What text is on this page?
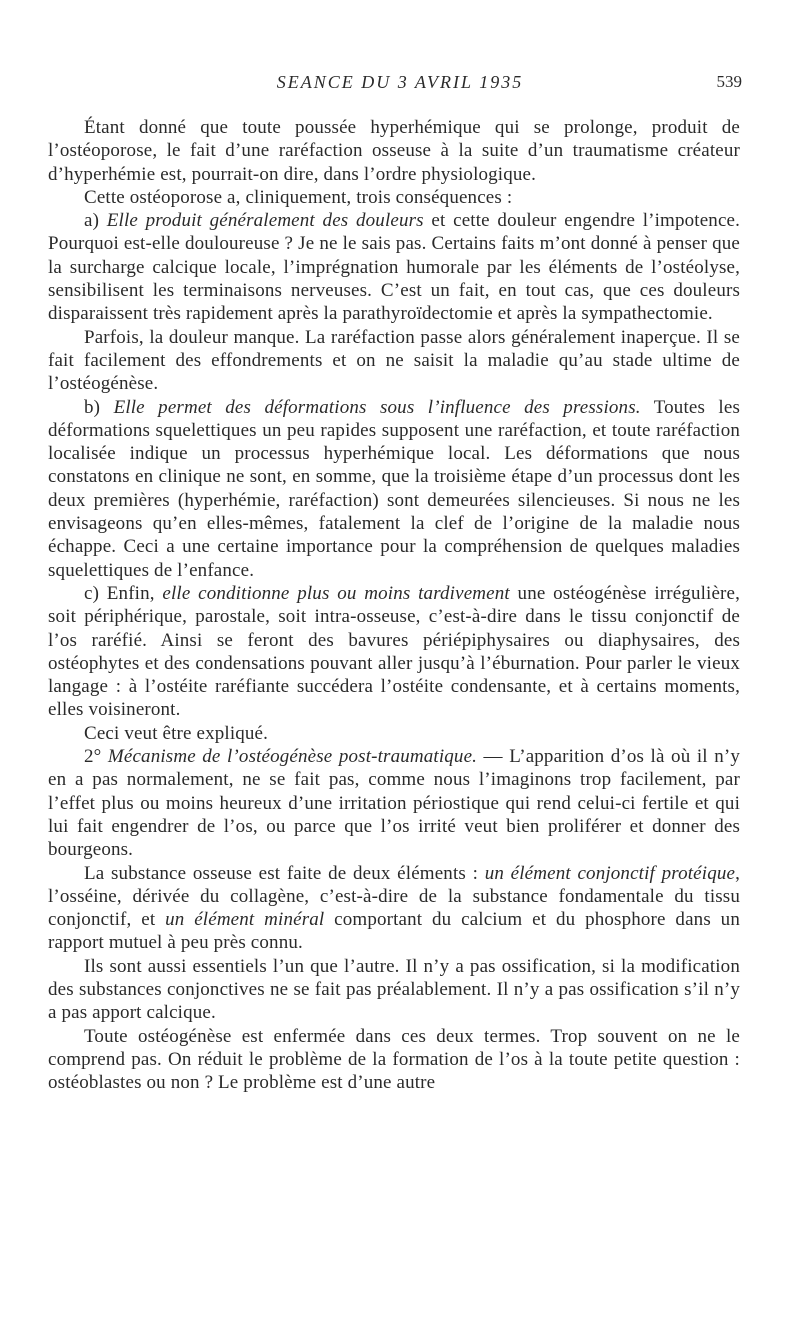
SEANCE DU 3 AVRIL 1935	539

Étant donné que toute poussée hyperhémique qui se prolonge, produit de l’ostéoporose, le fait d’une raréfaction osseuse à la suite d’un traumatisme créateur d’hyperhémie est, pourrait-on dire, dans l’ordre physiologique.

Cette ostéoporose a, cliniquement, trois conséquences :

a) Elle produit généralement des douleurs et cette douleur engendre l’impotence. Pourquoi est-elle douloureuse ? Je ne le sais pas. Certains faits m’ont donné à penser que la surcharge calcique locale, l’imprégnation humorale par les éléments de l’ostéolyse, sensibilisent les terminaisons nerveuses. C’est un fait, en tout cas, que ces douleurs disparaissent très rapidement après la parathyroïdectomie et après la sympathectomie.

Parfois, la douleur manque. La raréfaction passe alors généralement inaperçue. Il se fait facilement des effondrements et on ne saisit la maladie qu’au stade ultime de l’ostéogénèse.

b) Elle permet des déformations sous l’influence des pressions. Toutes les déformations squelettiques un peu rapides supposent une raréfaction, et toute raréfaction localisée indique un processus hyperhémique local. Les déformations que nous constatons en clinique ne sont, en somme, que la troisième étape d’un processus dont les deux premières (hyperhémie, raréfaction) sont demeurées silencieuses. Si nous ne les envisageons qu’en elles-mêmes, fatalement la clef de l’origine de la maladie nous échappe. Ceci a une certaine importance pour la compréhension de quelques maladies squelettiques de l’enfance.

c) Enfin, elle conditionne plus ou moins tardivement une ostéogénèse irrégulière, soit périphérique, parostale, soit intra-osseuse, c’est-à-dire dans le tissu conjonctif de l’os raréfié. Ainsi se feront des bavures périépiphysaires ou diaphysaires, des ostéophytes et des condensations pouvant aller jusqu’à l’éburnation. Pour parler le vieux langage : à l’ostéite raréfiante succédera l’ostéite condensante, et à certains moments, elles voisineront.

Ceci veut être expliqué.

2° Mécanisme de l’ostéogénèse post-traumatique. — L’apparition d’os là où il n’y en a pas normalement, ne se fait pas, comme nous l’imaginons trop facilement, par l’effet plus ou moins heureux d’une irritation périostique qui rend celui-ci fertile et qui lui fait engendrer de l’os, ou parce que l’os irrité veut bien proliférer et donner des bourgeons.

La substance osseuse est faite de deux éléments : un élément conjonctif protéique, l’osséine, dérivée du collagène, c’est-à-dire de la substance fondamentale du tissu conjonctif, et un élément minéral comportant du calcium et du phosphore dans un rapport mutuel à peu près connu.

Ils sont aussi essentiels l’un que l’autre. Il n’y a pas ossification, si la modification des substances conjonctives ne se fait pas préalablement. Il n’y a pas ossification s’il n’y a pas apport calcique.

Toute ostéogénèse est enfermée dans ces deux termes. Trop souvent on ne le comprend pas. On réduit le problème de la formation de l’os à la toute petite question : ostéoblastes ou non ? Le problème est d’une autre
